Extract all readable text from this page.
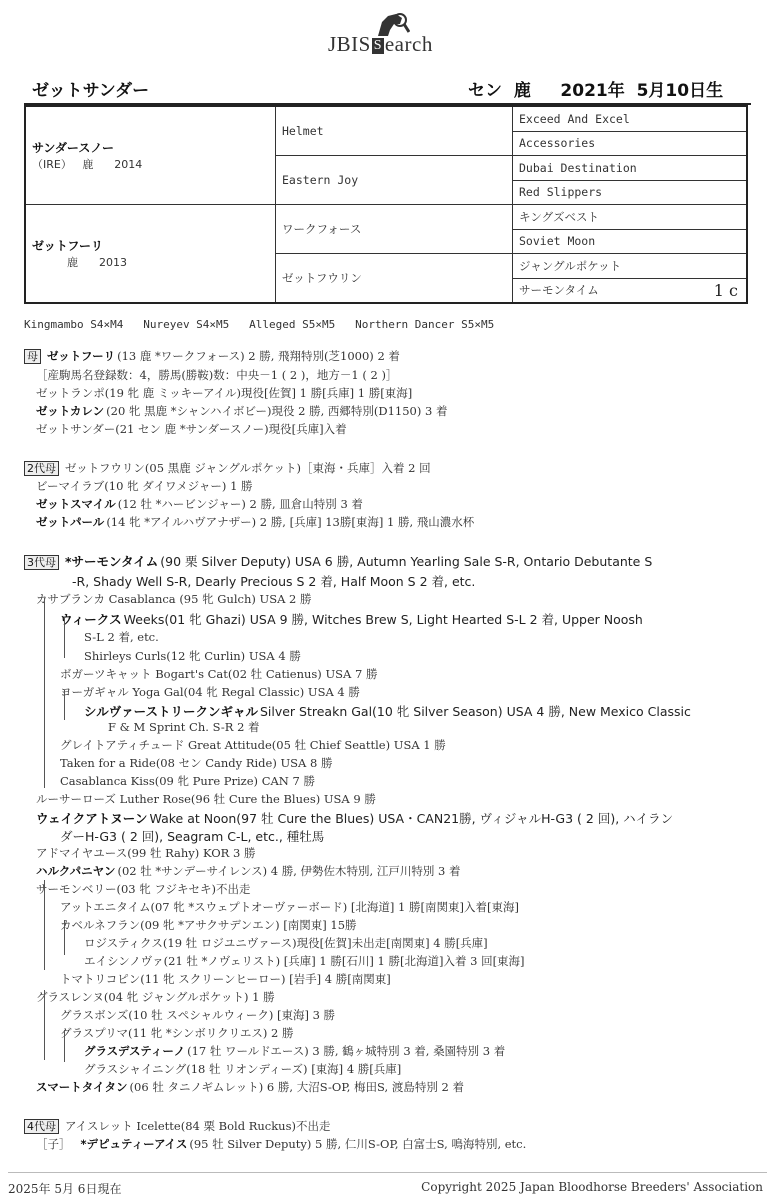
JBIS S earch
ゼットサンダー	セン  鹿     2021年  5月10日生
サンダースノー
（IRE）   鹿      2014	Helmet	Exceed And Excel
		Accessories
	Eastern Joy	Dubai Destination
		Red Slippers

ゼットフーリ
鹿      2013	ワークフォース	キングズベスト
		Soviet Moon
	ゼットフウリン	ジャングルポケット
		サーモンタイム 1 c
Kingmambo S4×M4   Nureyev S4×M5   Alleged S5×M5   Northern Dancer S5×M5
母 ゼットフーリ (13 鹿 *ワークフォース) 2 勝, 飛翔特別(芝1000) 2 着
［産駒馬名登録数：4，勝馬(勝鞍)数：中央－1 ( 2 )，地方－1 ( 2 )］
ゼットランポ(19 牝 鹿 ミッキーアイル)現役[佐賀] 1 勝[兵庫] 1 勝[東海]
ゼットカレン (20 牝 黒鹿 *シャンハイボビー)現役 2 勝, 西郷特別(D1150) 3 着
ゼットサンダー(21 セン 鹿 *サンダースノー)現役[兵庫]入着
2代母 ゼットフウリン(05 黒鹿 ジャングルポケット)［東海・兵庫］入着 2 回
ビーマイラブ(10 牝 ダイワメジャー) 1 勝
ゼットスマイル (12 牡 *ハービンジャー) 2 勝, 皿倉山特別 3 着
ゼットパール (14 牝 *アイルハヴアナザー) 2 勝, [兵庫] 13勝[東海] 1 勝, 飛山濃水杯
3代母 *サーモンタイム (90 栗 Silver Deputy) USA 6 勝, Autumn Yearling Sale S-R, Ontario Debutante S
-R, Shady Well S-R, Dearly Precious S 2 着, Half Moon S 2 着, etc.
カサブランカ Casablanca (95 牝 Gulch) USA 2 勝
ウィークス Weeks(01 牝 Ghazi) USA 9 勝, Witches Brew S, Light Hearted S-L 2 着, Upper Noosh
S-L 2 着, etc.
Shirleys Curls(12 牝 Curlin) USA 4 勝
ボガーツキャット Bogart's Cat(02 牡 Catienus) USA 7 勝
ヨーガギャル Yoga Gal(04 牝 Regal Classic) USA 4 勝
シルヴァーストリークンギャル Silver Streakn Gal(10 牝 Silver Season) USA 4 勝, New Mexico Classic
F & M Sprint Ch. S-R 2 着
グレイトアティチュード Great Attitude(05 牡 Chief Seattle) USA 1 勝
Taken for a Ride(08 セン Candy Ride) USA 8 勝
Casablanca Kiss(09 牝 Pure Prize) CAN 7 勝
ルーサーローズ Luther Rose(96 牡 Cure the Blues) USA 9 勝
ウェイクアトヌーン Wake at Noon(97 牡 Cure the Blues) USA・CAN21勝, ヴィジャルH-G3 ( 2 回), ハイラン
ダーH-G3 ( 2 回), Seagram C-L, etc., 種牡馬
アドマイヤユース(99 牡 Rahy) KOR 3 勝
ハルクパニヤン (02 牡 *サンデーサイレンス) 4 勝, 伊勢佐木特別, 江戸川特別 3 着
サーモンベリー(03 牝 フジキセキ)不出走
アットエニタイム(07 牝 *スウェプトオーヴァーボード) [北海道] 1 勝[南関東]入着[東海]
カベルネフラン(09 牝 *アサクサデンエン) [南関東] 15勝
ロジスティクス(19 牡 ロジユニヴァース)現役[佐賀]未出走[南関東] 4 勝[兵庫]
エイシンノヴァ(21 牡 *ノヴェリスト) [兵庫] 1 勝[石川] 1 勝[北海道]入着 3 回[東海]
トマトリコピン(11 牝 スクリーンヒーロー) [岩手] 4 勝[南関東]
グラスレンヌ(04 牝 ジャングルポケット) 1 勝
グラスボンズ(10 牡 スペシャルウィーク) [東海] 3 勝
グラスプリマ(11 牝 *シンボリクリエス) 2 勝
グラスデスティーノ (17 牡 ワールドエース) 3 勝, 鶴ヶ城特別 3 着, 桑園特別 3 着
グラスシャイニング(18 牡 リオンディーズ) [東海] 4 勝[兵庫]
スマートタイタン (06 牡 タニノギムレット) 6 勝, 大沼S-OP, 梅田S, 渡島特別 2 着
4代母 アイスレット Icelette(84 栗 Bold Ruckus)不出走
［子］ *デピュティーアイス (95 牡 Silver Deputy) 5 勝, 仁川S-OP, 白富士S, 鳴海特別, etc.
2025年 5月 6日現在	Copyright 2025 Japan Bloodhorse Breeders' Association
